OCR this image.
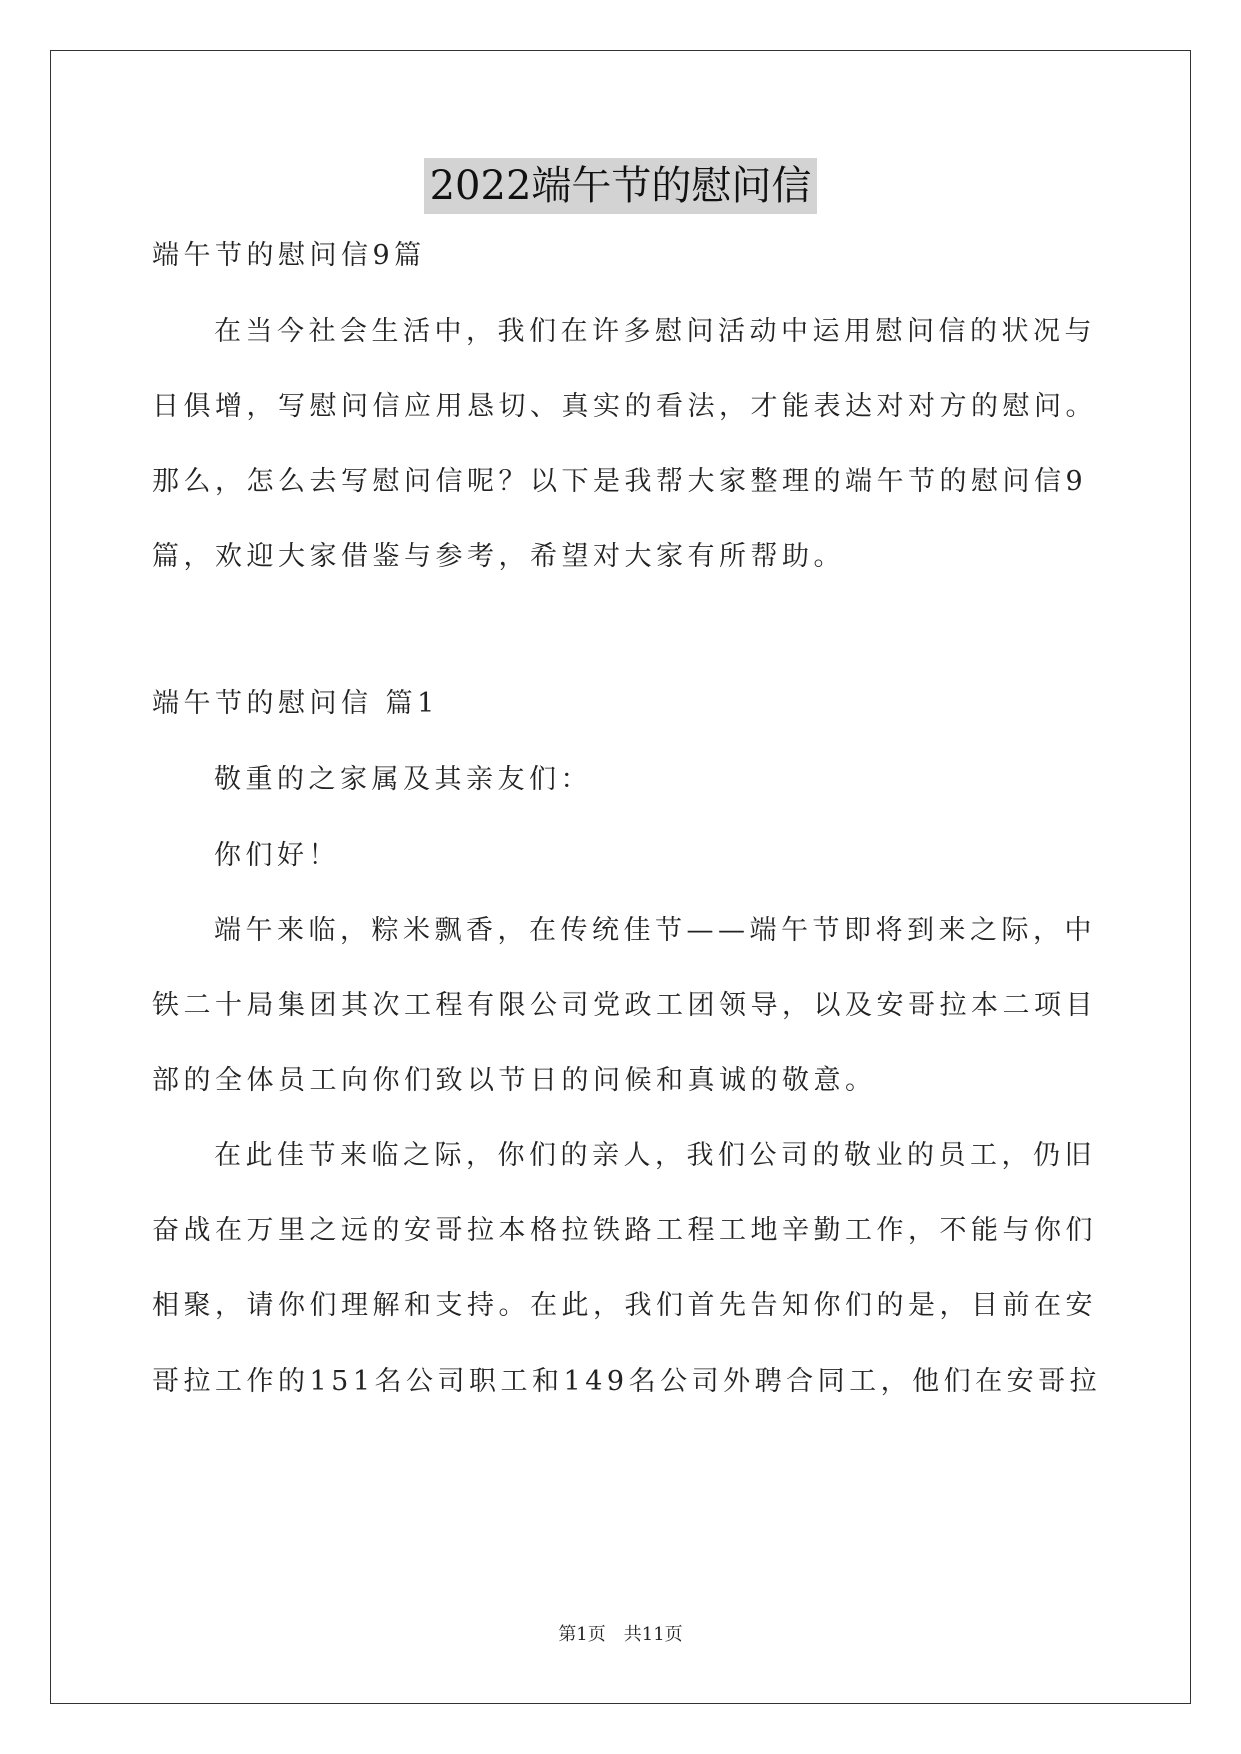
2022端午节的慰问信
端午节的慰问信9篇
在当今社会生活中，我们在许多慰问活动中运用慰问信的状况与
日俱增，写慰问信应用恳切、真实的看法，才能表达对对方的慰问。
那么，怎么去写慰问信呢？以下是我帮大家整理的端午节的慰问信9
篇，欢迎大家借鉴与参考，希望对大家有所帮助。
端午节的慰问信 篇1
敬重的之家属及其亲友们：
你们好！
端午来临，粽米飘香，在传统佳节——端午节即将到来之际，中
铁二十局集团其次工程有限公司党政工团领导，以及安哥拉本二项目
部的全体员工向你们致以节日的问候和真诚的敬意。
在此佳节来临之际，你们的亲人，我们公司的敬业的员工，仍旧
奋战在万里之远的安哥拉本格拉铁路工程工地辛勤工作，不能与你们
相聚，请你们理解和支持。在此，我们首先告知你们的是，目前在安
哥拉工作的151名公司职工和149名公司外聘合同工，他们在安哥拉
第1页　共11页
